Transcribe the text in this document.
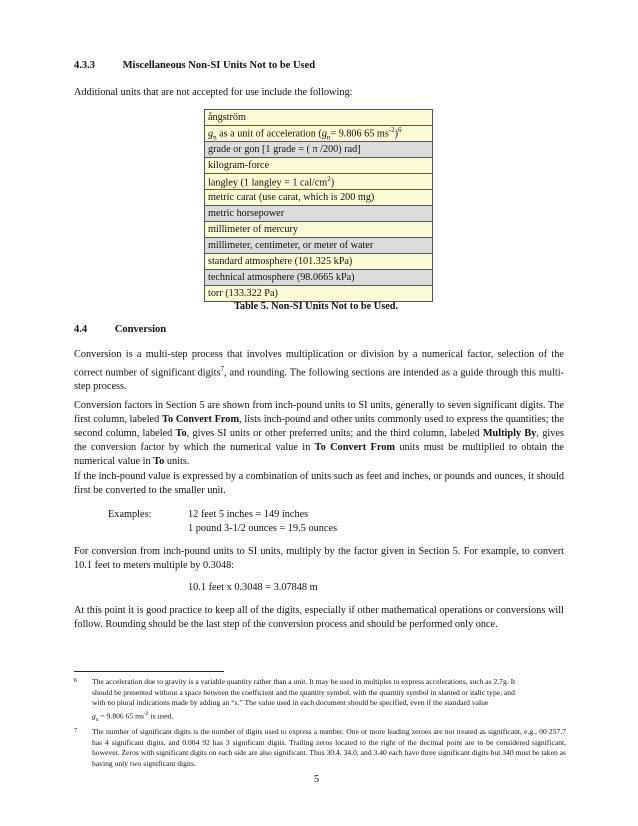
4.3.3	Miscellaneous Non-SI Units Not to be Used
Additional units that are not accepted for use include the following:
ångström
$g_n$ as a unit of acceleration ($g_n= 9.806$ 65 $ms^{-2})^6$
grade or gon [1 grade = ( π /200) rad]
kilogram-force
langley (1 langley = 1 cal/$cm^2$)
metric carat (use carat, which is 200 mg)
metric horsepower
millimeter of mercury
millimeter, centimeter, or meter of water
standard atmosphere (101.325 kPa)
technical atmosphere (98.0665 kPa)
torr (133.322 Pa)
Table 5. Non-SI Units Not to be Used.
4.4	Conversion
Conversion is a multi-step process that involves multiplication or division by a numerical factor, selection of the correct number of significant digits$^7$, and rounding. The following sections are intended as a guide through this multi-step process.
Conversion factors in Section 5 are shown from inch-pound units to SI units, generally to seven significant digits. The first column, labeled To Convert From, lists inch-pound and other units commonly used to express the quantities; the second column, labeled To, gives SI units or other preferred units; and the third column, labeled Multiply By, gives the conversion factor by which the numerical value in To Convert From units must be multiplied to obtain the numerical value in To units.
If the inch-pound value is expressed by a combination of units such as feet and inches, or pounds and ounces, it should first be converted to the smaller unit.
Examples:	12 feet 5 inches = 149 inches
1 pound 3-1/2 ounces = 19.5 ounces
For conversion from inch-pound units to SI units, multiply by the factor given in Section 5. For example, to convert 10.1 feet to meters multiple by 0.3048:
10.1 feet x 0.3048 = 3.07848 m
At this point it is good practice to keep all of the digits, especially if other mathematical operations or conversions will follow. Rounding should be the last step of the conversion process and should be performed only once.
6 The acceleration due to gravity is a variable quantity rather than a unit. It may be used in multiples to express accelerations, such as 2.7g. It
should be presented without a space between the coefficient and the quantity symbol, with the quantity symbol in slanted or italic type, and
with no plural indications made by adding an “s.” The value used in each document should be specified, even if the standard value
$g_n = 9.806$ 65 $ms^{-2}$ is used.
7 The number of significant digits is the number of digits used to express a number. One or more leading zeroes are not treated as significant, e.g., 00 257.7 has 4 significant digits, and 0.004 92 has 3 significant digits. Trailing zeros located to the right of the decimal point are to be considered significant, however. Zeros with significant digits on each side are also significant. Thus 30.4, 34.0, and 3.40 each have three significant digits but 340 must be taken as having only two significant digits.
5
